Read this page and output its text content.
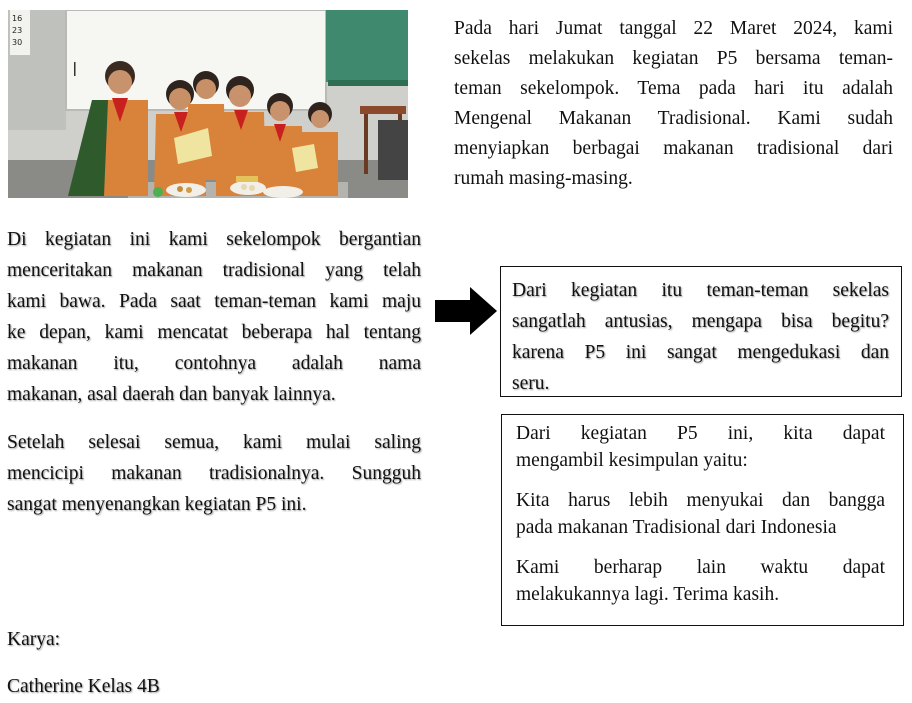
16
23
30

Pada hari Jumat tanggal 22 Maret 2024, kami
sekelas melakukan kegiatan P5 bersama teman-
teman sekelompok. Tema pada hari itu adalah
Mengenal Makanan Tradisional. Kami sudah
menyiapkan berbagai makanan tradisional dari
rumah masing-masing.

Di kegiatan ini kami sekelompok bergantian
menceritakan makanan tradisional yang telah
kami bawa. Pada saat teman-teman kami maju
ke depan, kami mencatat beberapa hal tentang
makanan itu, contohnya adalah nama
makanan, asal daerah dan banyak lainnya.

Setelah selesai semua, kami mulai saling
mencicipi makanan tradisionalnya. Sungguh
sangat menyenangkan kegiatan P5 ini.

Dari kegiatan itu teman-teman sekelas
sangatlah antusias, mengapa bisa begitu?
karena P5 ini sangat mengedukasi dan
seru.

Dari kegiatan P5 ini, kita dapat
mengambil kesimpulan yaitu:

Kita harus lebih menyukai dan bangga
pada makanan Tradisional dari Indonesia

Kami berharap lain waktu dapat
melakukannya lagi. Terima kasih.

Karya:
Catherine Kelas 4B
